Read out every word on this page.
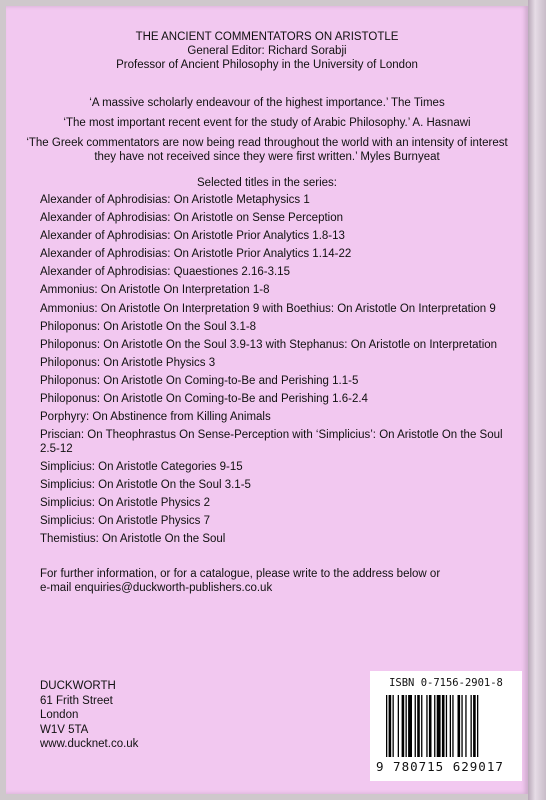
THE ANCIENT COMMENTATORS ON ARISTOTLE
General Editor: Richard Sorabji
Professor of Ancient Philosophy in the University of London
‘A massive scholarly endeavour of the highest importance.’ The Times
‘The most important recent event for the study of Arabic Philosophy.’ A. Hasnawi
‘The Greek commentators are now being read throughout the world with an intensity of interest they have not received since they were first written.’ Myles Burnyeat
Selected titles in the series:
Alexander of Aphrodisias: On Aristotle Metaphysics 1
Alexander of Aphrodisias: On Aristotle on Sense Perception
Alexander of Aphrodisias: On Aristotle Prior Analytics 1.8-13
Alexander of Aphrodisias: On Aristotle Prior Analytics 1.14-22
Alexander of Aphrodisias: Quaestiones 2.16-3.15
Ammonius: On Aristotle On Interpretation 1-8
Ammonius: On Aristotle On Interpretation 9 with Boethius: On Aristotle On Interpretation 9
Philoponus: On Aristotle On the Soul 3.1-8
Philoponus: On Aristotle On the Soul 3.9-13 with Stephanus: On Aristotle on Interpretation
Philoponus: On Aristotle Physics 3
Philoponus: On Aristotle On Coming-to-Be and Perishing 1.1-5
Philoponus: On Aristotle On Coming-to-Be and Perishing 1.6-2.4
Porphyry: On Abstinence from Killing Animals
Priscian: On Theophrastus On Sense-Perception with ‘Simplicius’: On Aristotle On the Soul 2.5-12
Simplicius: On Aristotle Categories 9-15
Simplicius: On Aristotle On the Soul 3.1-5
Simplicius: On Aristotle Physics 2
Simplicius: On Aristotle Physics 7
Themistius: On Aristotle On the Soul
For further information, or for a catalogue, please write to the address below or
e-mail enquiries@duckworth-publishers.co.uk
DUCKWORTH
61 Frith Street
London
W1V 5TA
www.ducknet.co.uk
ISBN 0-7156-2901-8
9 780715 629017
